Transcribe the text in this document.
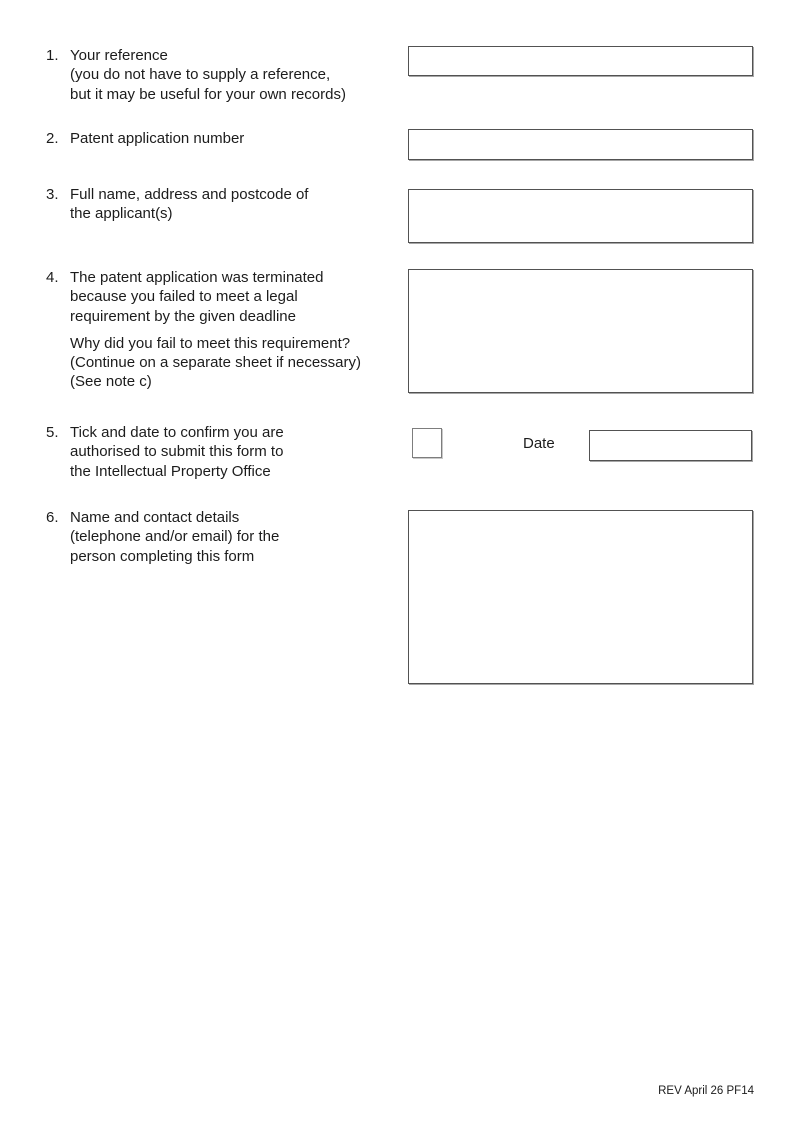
1. Your reference
(you do not have to supply a reference,
but it may be useful for your own records)
2. Patent application number
3. Full name, address and postcode of
the applicant(s)
4. The patent application was terminated
because you failed to meet a legal
requirement by the given deadline
Why did you fail to meet this requirement?
(Continue on a separate sheet if necessary)
(See note c)
5. Tick and date to confirm you are
authorised to submit this form to
the Intellectual Property Office
Date
6. Name and contact details
(telephone and/or email) for the
person completing this form
REV April 26 PF14
